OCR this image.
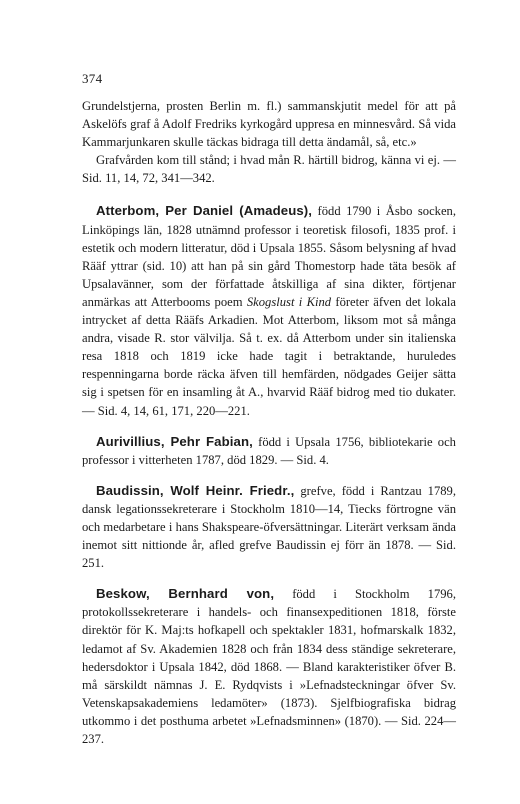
374

Grundelstjerna, prosten Berlin m. fl.) sammanskjutit medel för att på Askelöfs graf å Adolf Fredriks kyrkogård uppresa en minnesvård. Så vida Kammarjunkaren skulle täckas bidraga till detta ändamål, så, etc.»

Grafvården kom till stånd; i hvad mån R. härtill bidrog, känna vi ej. — Sid. 11, 14, 72, 341—342.

Atterbom, Per Daniel (Amadeus), född 1790 i Åsbo socken, Linköpings län, 1828 utnämnd professor i teoretisk filosofi, 1835 prof. i estetik och modern litteratur, död i Upsala 1855. Såsom belysning af hvad Rääf yttrar (sid. 10) att han på sin gård Thomestorp hade täta besök af Upsalavänner, som der författade åtskilliga af sina dikter, förtjenar anmärkas att Atterbooms poem Skogslust i Kind företer äfven det lokala intrycket af detta Rääfs Arkadien. Mot Atterbom, liksom mot så många andra, visade R. stor välvilja. Så t. ex. då Atterbom under sin italienska resa 1818 och 1819 icke hade tagit i betraktande, huruledes respenningarna borde räcka äfven till hemfärden, nödgades Geijer sätta sig i spetsen för en insamling åt A., hvarvid Rääf bidrog med tio dukater. — Sid. 4, 14, 61, 171, 220—221.

Aurivillius, Pehr Fabian, född i Upsala 1756, bibliotekarie och professor i vitterheten 1787, död 1829. — Sid. 4.

Baudissin, Wolf Heinr. Friedr., grefve, född i Rantzau 1789, dansk legationssekreterare i Stockholm 1810—14, Tiecks förtrogne vän och medarbetare i hans Shakspeare-öfversättningar. Literärt verksam ända inemot sitt nittionde år, afled grefve Baudissin ej förr än 1878. — Sid. 251.

Beskow, Bernhard von, född i Stockholm 1796, protokollssekreterare i handels- och finansexpeditionen 1818, förste direktör för K. Maj:ts hofkapell och spektakler 1831, hofmarskalk 1832, ledamot af Sv. Akademien 1828 och från 1834 dess ständige sekreterare, hedersdoktor i Upsala 1842, död 1868. — Bland karakteristiker öfver B. må särskildt nämnas J. E. Rydqvists i »Lefnadsteckningar öfver Sv. Vetenskapsakademiens ledamöter» (1873). Sjelfbiografiska bidrag utkommo i det posthuma arbetet »Lefnadsminnen» (1870). — Sid. 224—237.
